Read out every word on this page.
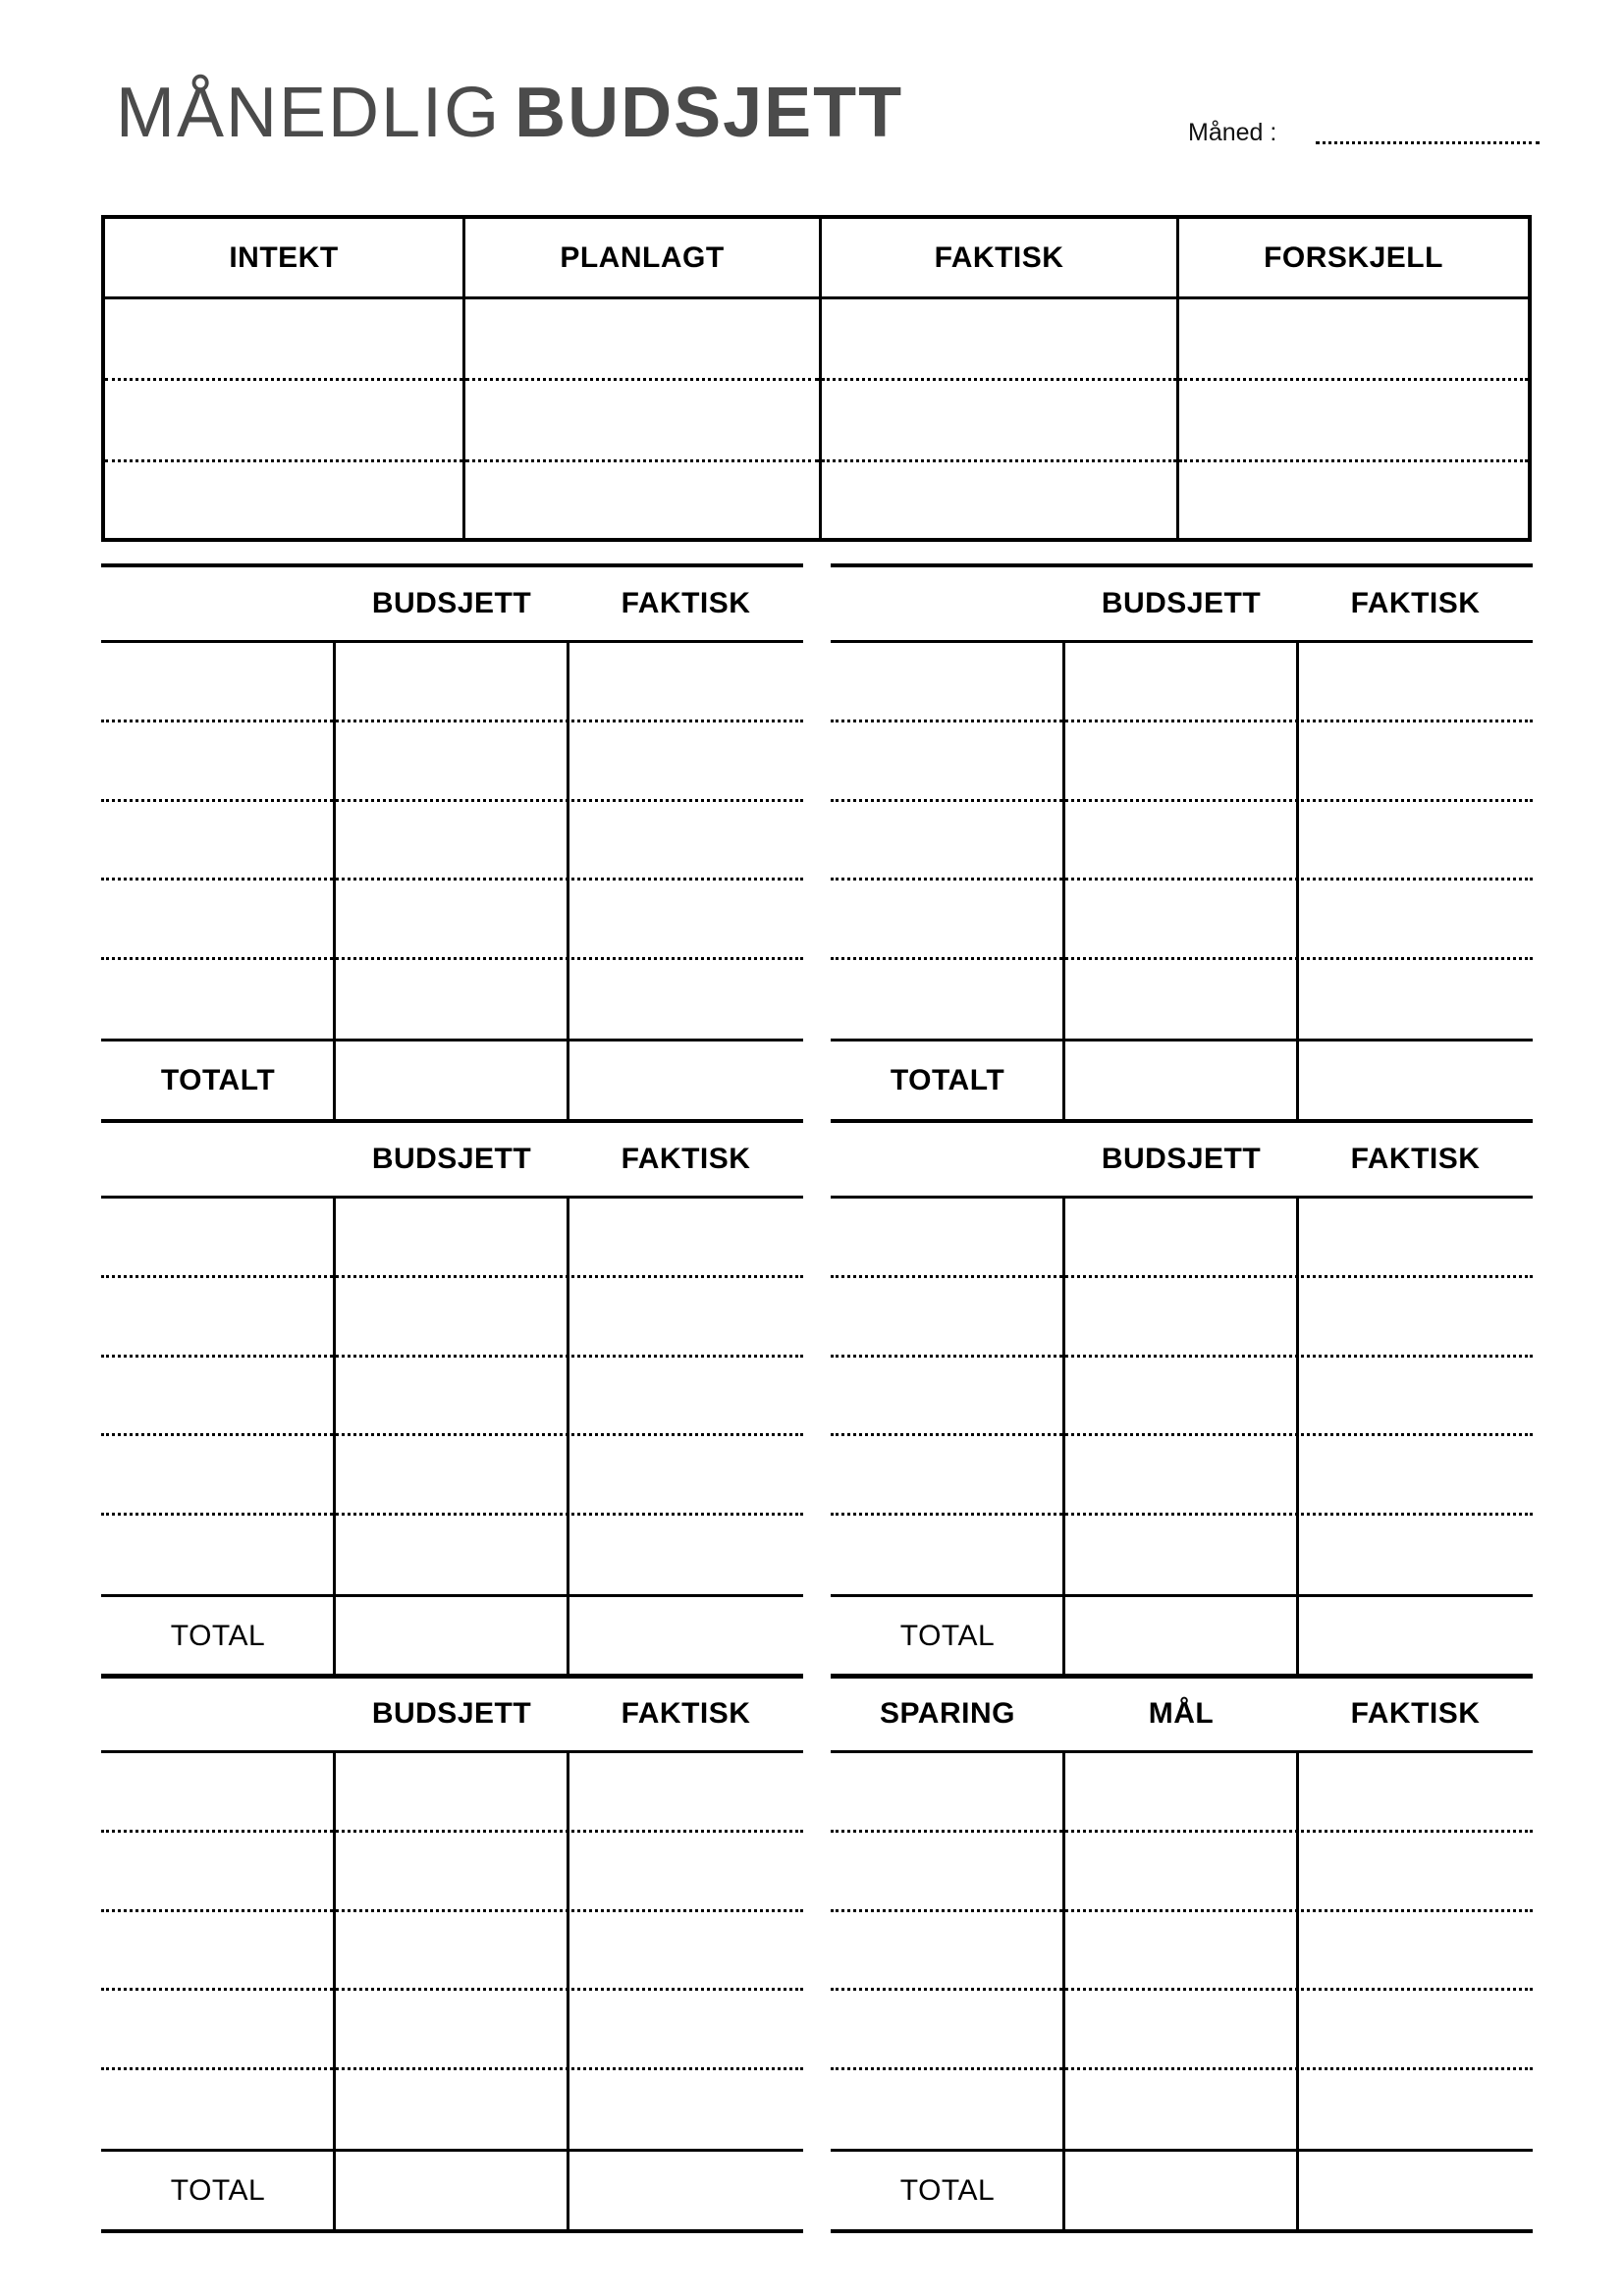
MÅNEDLIG BUDSJETT	Måned :
INTEKT	PLANLAGT	FAKTISK	FORSKJELL
BUDSJETT	FAKTISK
TOTALT
BUDSJETT	FAKTISK
TOTALT
BUDSJETT	FAKTISK
TOTAL
BUDSJETT	FAKTISK
TOTAL
BUDSJETT	FAKTISK
TOTAL
SPARING	MÅL	FAKTISK
TOTAL
